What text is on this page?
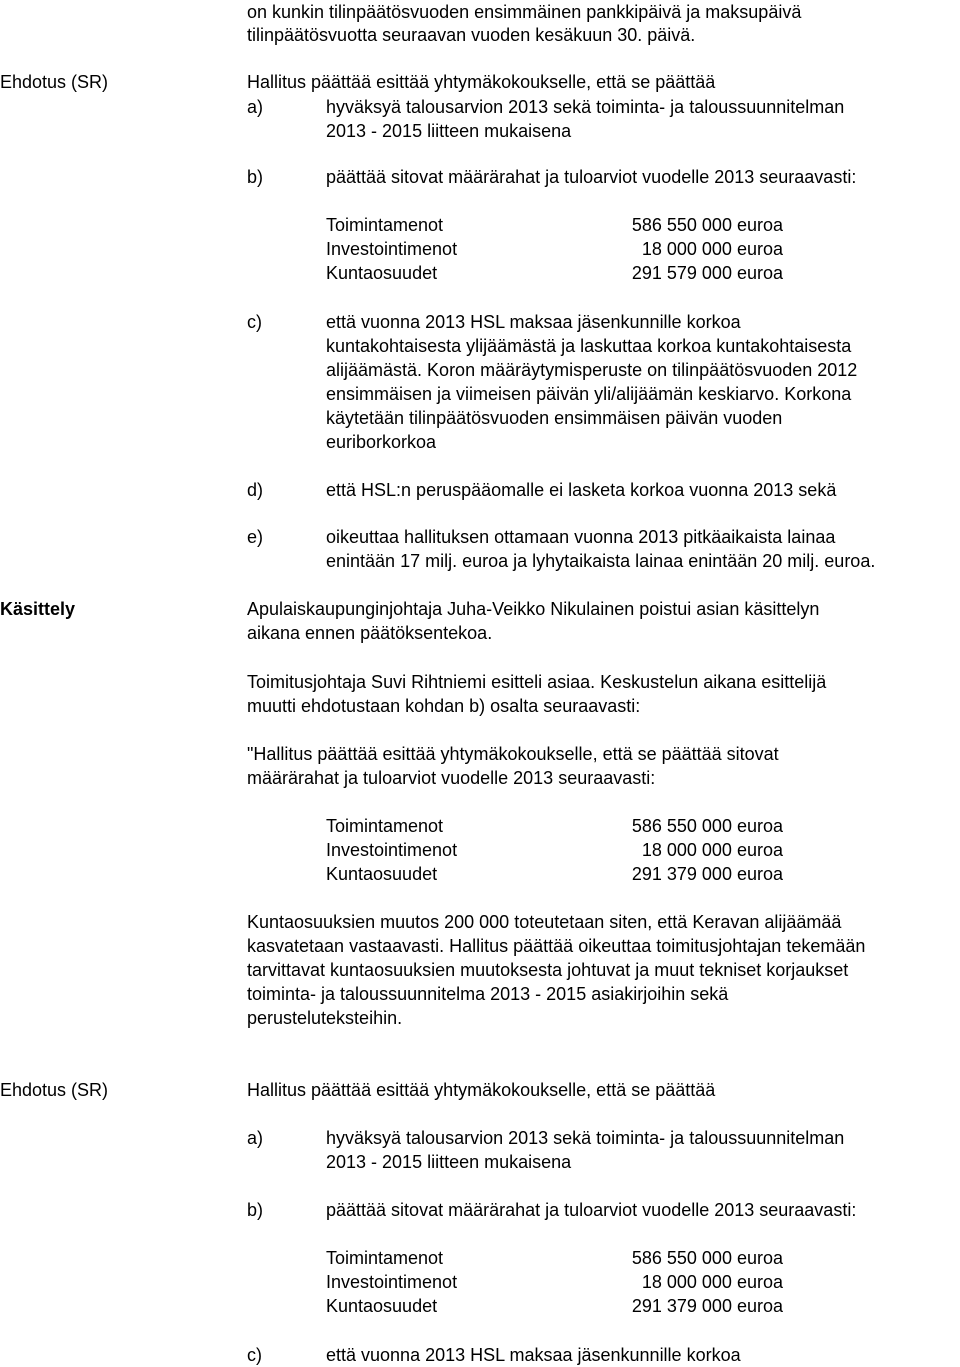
on kunkin tilinpäätösvuoden ensimmäinen pankkipäivä ja maksupäivä
tilinpäätösvuotta seuraavan vuoden kesäkuun 30. päivä.
Ehdotus (SR)	Hallitus päättää esittää yhtymäkokoukselle, että se päättää
a)	hyväksyä talousarvion 2013 sekä toiminta- ja taloussuunnitelman
2013 - 2015 liitteen mukaisena
b)	päättää sitovat määrärahat ja tuloarviot vuodelle 2013 seuraavasti:
Toimintamenot	586 550 000 euroa
Investointimenot	18 000 000 euroa
Kuntaosuudet	291 579 000 euroa
c)	että vuonna 2013 HSL maksaa jäsenkunnille korkoa
kuntakohtaisesta ylijäämästä ja laskuttaa korkoa kuntakohtaisesta
alijäämästä. Koron määräytymisperuste on tilinpäätösvuoden 2012
ensimmäisen ja viimeisen päivän yli/alijäämän keskiarvo. Korkona
käytetään tilinpäätösvuoden ensimmäisen päivän vuoden
euriborkorkoa
d)	että HSL:n peruspääomalle ei lasketa korkoa vuonna 2013 sekä
e)	oikeuttaa hallituksen ottamaan vuonna 2013 pitkäaikaista lainaa
enintään 17 milj. euroa ja lyhytaikaista lainaa enintään 20 milj. euroa.
Käsittely	Apulaiskaupunginjohtaja Juha-Veikko Nikulainen poistui asian käsittelyn
aikana ennen päätöksentekoa.
Toimitusjohtaja Suvi Rihtniemi esitteli asiaa. Keskustelun aikana esittelijä
muutti ehdotustaan kohdan b) osalta seuraavasti:
"Hallitus päättää esittää yhtymäkokoukselle, että se päättää sitovat
määrärahat ja tuloarviot vuodelle 2013 seuraavasti:
Toimintamenot	586 550 000 euroa
Investointimenot	18 000 000 euroa
Kuntaosuudet	291 379 000 euroa
Kuntaosuuksien muutos 200 000 toteutetaan siten, että Keravan alijäämää
kasvatetaan vastaavasti. Hallitus päättää oikeuttaa toimitusjohtajan tekemään
tarvittavat kuntaosuuksien muutoksesta johtuvat ja muut tekniset korjaukset
toiminta- ja taloussuunnitelma 2013 - 2015 asiakirjoihin sekä
perusteluteksteihin.
Ehdotus (SR)	Hallitus päättää esittää yhtymäkokoukselle, että se päättää
a)	hyväksyä talousarvion 2013 sekä toiminta- ja taloussuunnitelman
2013 - 2015 liitteen mukaisena
b)	päättää sitovat määrärahat ja tuloarviot vuodelle 2013 seuraavasti:
Toimintamenot	586 550 000 euroa
Investointimenot	18 000 000 euroa
Kuntaosuudet	291 379 000 euroa
c)	että vuonna 2013 HSL maksaa jäsenkunnille korkoa
